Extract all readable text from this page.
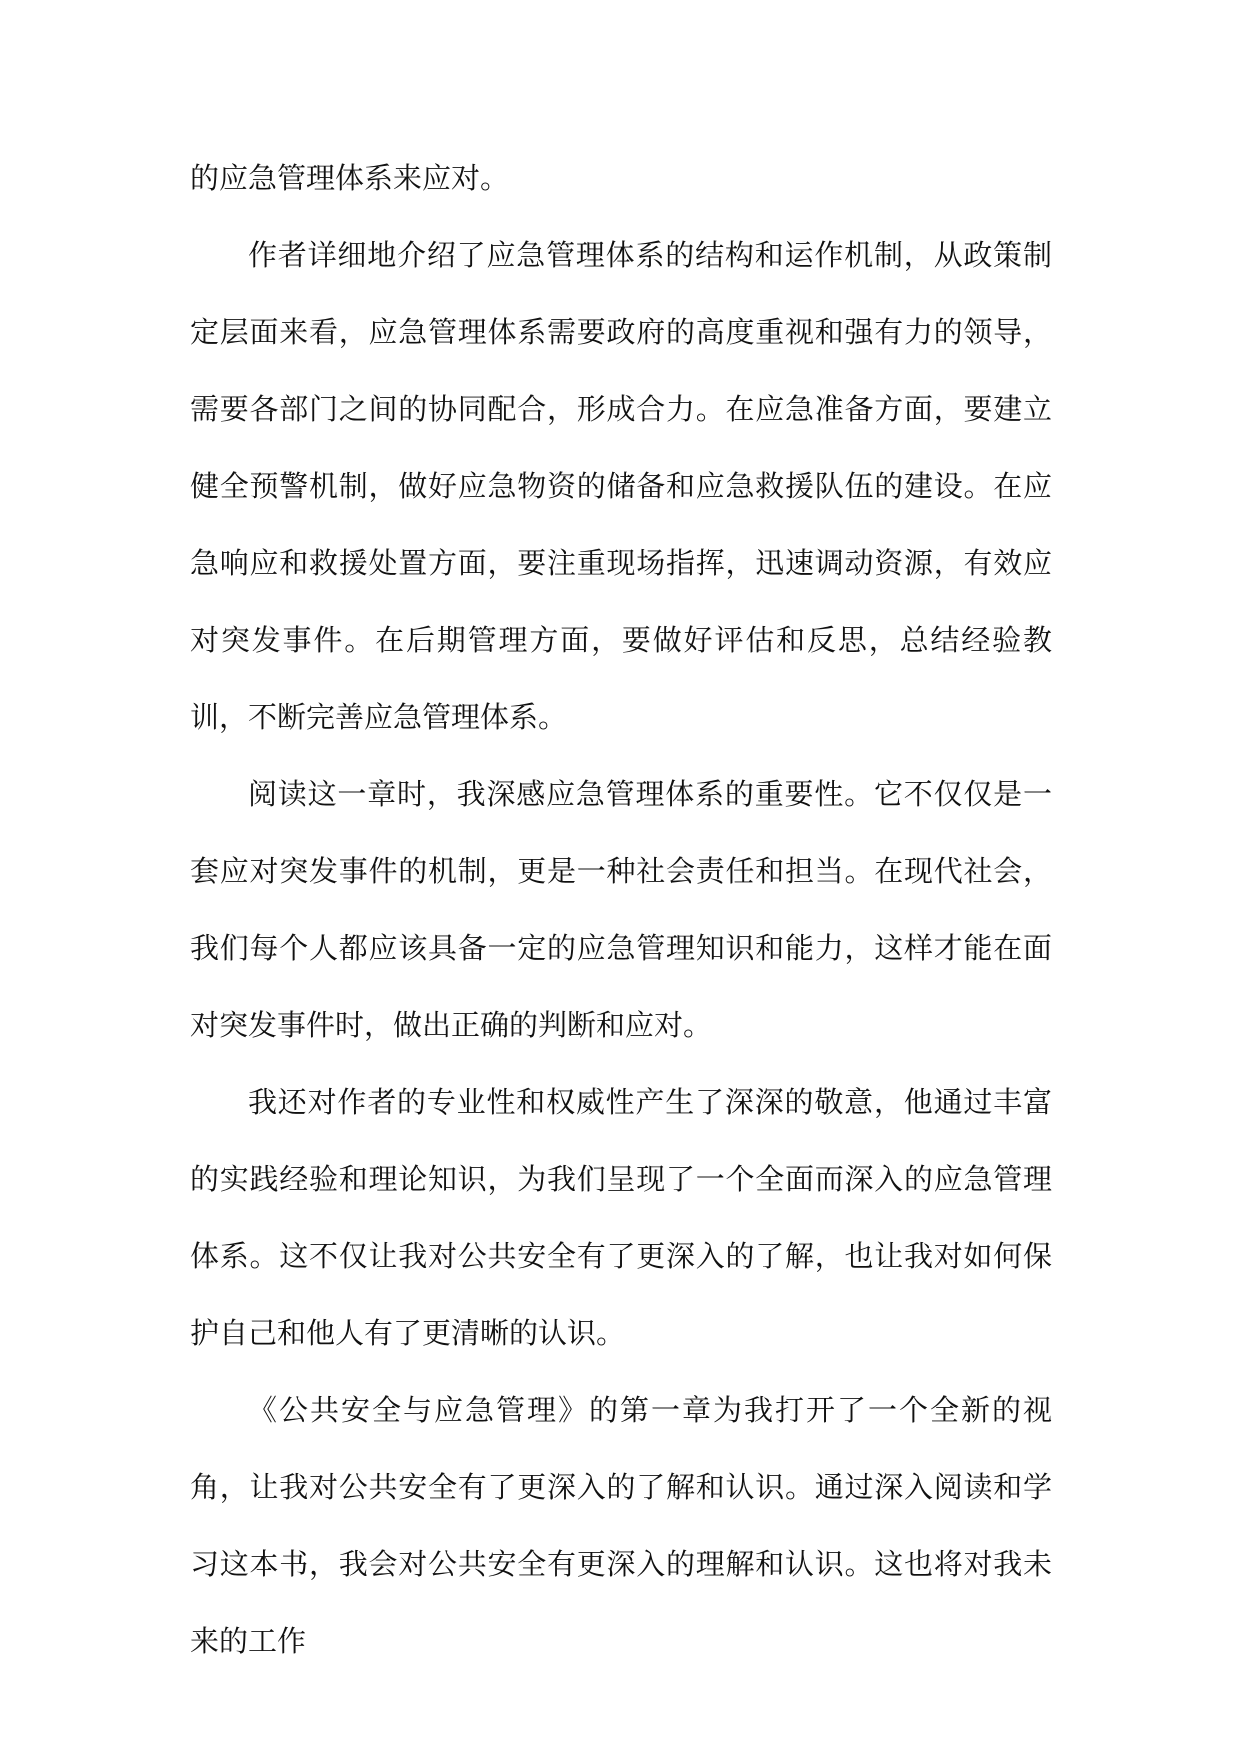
的应急管理体系来应对。

作者详细地介绍了应急管理体系的结构和运作机制，从政策制定层面来看，应急管理体系需要政府的高度重视和强有力的领导，需要各部门之间的协同配合，形成合力。在应急准备方面，要建立健全预警机制，做好应急物资的储备和应急救援队伍的建设。在应急响应和救援处置方面，要注重现场指挥，迅速调动资源，有效应对突发事件。在后期管理方面，要做好评估和反思，总结经验教训，不断完善应急管理体系。

阅读这一章时，我深感应急管理体系的重要性。它不仅仅是一套应对突发事件的机制，更是一种社会责任和担当。在现代社会，我们每个人都应该具备一定的应急管理知识和能力，这样才能在面对突发事件时，做出正确的判断和应对。

我还对作者的专业性和权威性产生了深深的敬意，他通过丰富的实践经验和理论知识，为我们呈现了一个全面而深入的应急管理体系。这不仅让我对公共安全有了更深入的了解，也让我对如何保护自己和他人有了更清晰的认识。

《公共安全与应急管理》的第一章为我打开了一个全新的视角，让我对公共安全有了更深入的了解和认识。通过深入阅读和学习这本书，我会对公共安全有更深入的理解和认识。这也将对我未来的工作
